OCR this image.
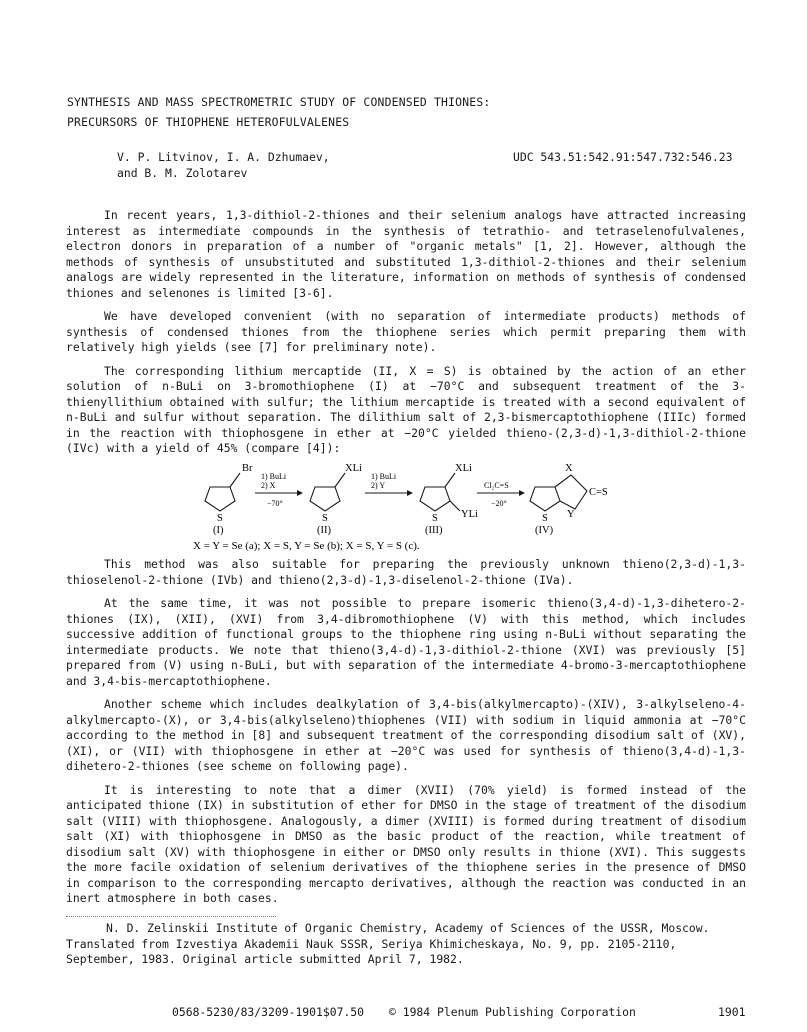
SYNTHESIS AND MASS SPECTROMETRIC STUDY OF CONDENSED THIONES:
PRECURSORS OF THIOPHENE HETEROFULVALENES
V. P. Litvinov, I. A. Dzhumaev,
and B. M. Zolotarev
UDC 543.51:542.91:547.732:546.23

In recent years, 1,3-dithiol-2-thiones and their selenium analogs have attracted increasing interest as intermediate compounds in the synthesis of tetrathio- and tetraselenofulvalenes, electron donors in preparation of a number of "organic metals" [1, 2]. However, although the methods of synthesis of unsubstituted and substituted 1,3-dithiol-2-thiones and their selenium analogs are widely represented in the literature, information on methods of synthesis of condensed thiones and selenones is limited [3-6].

We have developed convenient (with no separation of intermediate products) methods of synthesis of condensed thiones from the thiophene series which permit preparing them with relatively high yields (see [7] for preliminary note).

The corresponding lithium mercaptide (II, X = S) is obtained by the action of an ether solution of n-BuLi on 3-bromothiophene (I) at −70°C and subsequent treatment of the 3-thienyllithium obtained with sulfur; the lithium mercaptide is treated with a second equivalent of n-BuLi and sulfur without separation. The dilithium salt of 2,3-bismercaptothiophene (IIIc) formed in the reaction with thiophosgene in ether at −20°C yielded thieno-(2,3-d)-1,3-dithiol-2-thione (IVc) with a yield of 45% (compare [4]):

Br	XLi	XLi	X
S	S	S	S
YLi	Y
C=S
(I)	(II)	(III)	(IV)
1) BuLi
2) X
−70°
1) BuLi
2) Y	Cl₂C=S
−20°
X = Y = Se (a); X = S, Y = Se (b); X = S, Y = S (c).

This method was also suitable for preparing the previously unknown thieno(2,3-d)-1,3-thioselenol-2-thione (IVb) and thieno(2,3-d)-1,3-diselenol-2-thione (IVa).

At the same time, it was not possible to prepare isomeric thieno(3,4-d)-1,3-dihetero-2-thiones (IX), (XII), (XVI) from 3,4-dibromothiophene (V) with this method, which includes successive addition of functional groups to the thiophene ring using n-BuLi without separating the intermediate products. We note that thieno(3,4-d)-1,3-dithiol-2-thione (XVI) was previously [5] prepared from (V) using n-BuLi, but with separation of the intermediate 4-bromo-3-mercaptothiophene and 3,4-bis-mercaptothiophene.

Another scheme which includes dealkylation of 3,4-bis(alkylmercapto)-(XIV), 3-alkylseleno-4-alkylmercapto-(X), or 3,4-bis(alkylseleno)thiophenes (VII) with sodium in liquid ammonia at −70°C according to the method in [8] and subsequent treatment of the corresponding disodium salt of (XV), (XI), or (VII) with thiophosgene in ether at −20°C was used for synthesis of thieno(3,4-d)-1,3-dihetero-2-thiones (see scheme on following page).

It is interesting to note that a dimer (XVII) (70% yield) is formed instead of the anticipated thione (IX) in substitution of ether for DMSO in the stage of treatment of the disodium salt (VIII) with thiophosgene. Analogously, a dimer (XVIII) is formed during treatment of disodium salt (XI) with thiophosgene in DMSO as the basic product of the reaction, while treatment of disodium salt (XV) with thiophosgene in either or DMSO only results in thione (XVI). This suggests the more facile oxidation of selenium derivatives of the thiophene series in the presence of DMSO in comparison to the corresponding mercapto derivatives, although the reaction was conducted in an inert atmosphere in both cases.

N. D. Zelinskii Institute of Organic Chemistry, Academy of Sciences of the USSR, Moscow.
Translated from Izvestiya Akademii Nauk SSSR, Seriya Khimicheskaya, No. 9, pp. 2105-2110,
September, 1983. Original article submitted April 7, 1982.
0568-5230/83/3209-1901$07.50 © 1984 Plenum Publishing Corporation	1901
